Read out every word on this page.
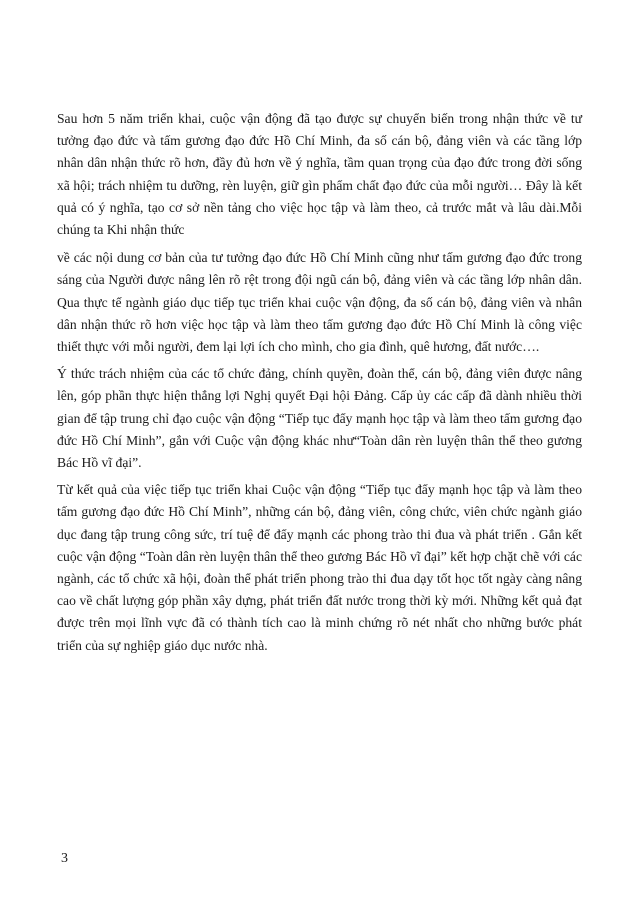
Sau hơn 5 năm triển khai, cuộc vận động đã tạo được sự chuyển biến trong nhận thức về tư tưởng đạo đức và tấm gương đạo đức Hồ Chí Minh, đa số cán bộ, đảng viên và các tầng lớp nhân dân nhận thức rõ hơn, đầy đủ hơn về ý nghĩa, tầm quan trọng của đạo đức trong đời sống xã hội; trách nhiệm tu dưỡng, rèn luyện, giữ gìn phẩm chất đạo đức của mỗi người… Đây là kết quả có ý nghĩa, tạo cơ sở nền tảng cho việc học tập và làm theo, cả trước mắt và lâu dài.Mỗi chúng ta Khi nhận thức

về các nội dung cơ bản của tư tưởng đạo đức Hồ Chí Minh cũng như tấm gương đạo đức trong sáng của Người được nâng lên rõ rệt trong đội ngũ cán bộ, đảng viên và các tầng lớp nhân dân. Qua thực tế ngành giáo dục tiếp tục triển khai cuộc vận động, đa số cán bộ, đảng viên và nhân dân nhận thức rõ hơn việc học tập và làm theo tấm gương đạo đức Hồ Chí Minh là công việc thiết thực với mỗi người, đem lại lợi ích cho mình, cho gia đình, quê hương, đất nước….

Ý thức trách nhiệm của các tổ chức đảng, chính quyền, đoàn thể, cán bộ, đảng viên được nâng lên, góp phần thực hiện thắng lợi Nghị quyết Đại hội Đảng. Cấp ủy các cấp đã dành nhiều thời gian để tập trung chỉ đạo cuộc vận động “Tiếp tục đẩy mạnh học tập và làm theo tấm gương đạo đức Hồ Chí Minh”, gắn với Cuộc vận động khác như“Toàn dân rèn luyện thân thể theo gương Bác Hồ vĩ đại”.

Từ kết quả của việc tiếp tục triển khai Cuộc vận động “Tiếp tục đẩy mạnh học tập và làm theo tấm gương đạo đức Hồ Chí Minh”, những cán bộ, đảng viên, công chức, viên chức ngành giáo dục đang tập trung công sức, trí tuệ để đẩy mạnh các phong trào thi đua và phát triển . Gắn kết cuộc vận động “Toàn dân rèn luyện thân thể theo gương Bác Hồ vĩ đại” kết hợp chặt chẽ với các ngành, các tổ chức xã hội, đoàn thể phát triển phong trào thi đua dạy tốt học tốt ngày càng nâng cao về chất lượng góp phần xây dựng, phát triển đất nước trong thời kỳ mới. Những kết quả đạt được trên mọi lĩnh vực đã có thành tích cao là minh chứng rõ nét nhất cho những bước phát triển của sự nghiệp giáo dục nước nhà.

3
